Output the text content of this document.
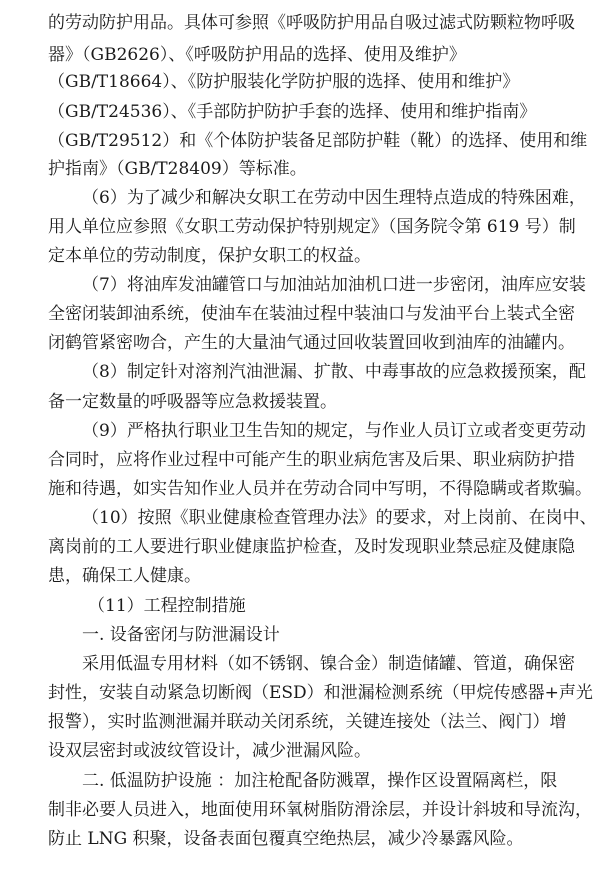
的劳动防护用品。具体可参照《呼吸防护用品自吸过滤式防颗粒物呼吸
器》（GB2626）、《呼吸防护用品的选择、使用及维护》
（GB/T18664）、《防护服装化学防护服的选择、使用和维护》
（GB/T24536）、《手部防护防护手套的选择、使用和维护指南》
（GB/T29512）和《个体防护装备足部防护鞋（靴）的选择、使用和维
护指南》（GB/T28409）等标准。
（6）为了减少和解决女职工在劳动中因生理特点造成的特殊困难，
用人单位应参照《女职工劳动保护特别规定》（国务院令第 619 号）制
定本单位的劳动制度，保护女职工的权益。
（7）将油库发油罐管口与加油站加油机口进一步密闭，油库应安装
全密闭装卸油系统，使油车在装油过程中装油口与发油平台上装式全密
闭鹤管紧密吻合，产生的大量油气通过回收装置回收到油库的油罐内。
（8）制定针对溶剂汽油泄漏、扩散、中毒事故的应急救援预案，配
备一定数量的呼吸器等应急救援装置。
（9）严格执行职业卫生告知的规定，与作业人员订立或者变更劳动
合同时，应将作业过程中可能产生的职业病危害及后果、职业病防护措
施和待遇，如实告知作业人员并在劳动合同中写明，不得隐瞒或者欺骗。
（10）按照《职业健康检查管理办法》的要求，对上岗前、在岗中、
离岗前的工人要进行职业健康监护检查，及时发现职业禁忌症及健康隐
患，确保工人健康。
（11）工程控制措施
一. 设备密闭与防泄漏设计
采用低温专用材料（如不锈钢、镍合金）制造储罐、管道，确保密
封性，安装自动紧急切断阀（ESD）和泄漏检测系统（甲烷传感器+声光
报警），实时监测泄漏并联动关闭系统，关键连接处（法兰、阀门）增
设双层密封或波纹管设计，减少泄漏风险。
二. 低温防护设施 ：加注枪配备防溅罩，操作区设置隔离栏，限
制非必要人员进入，地面使用环氧树脂防滑涂层，并设计斜坡和导流沟，
防止 LNG 积聚，设备表面包覆真空绝热层，减少冷暴露风险。
